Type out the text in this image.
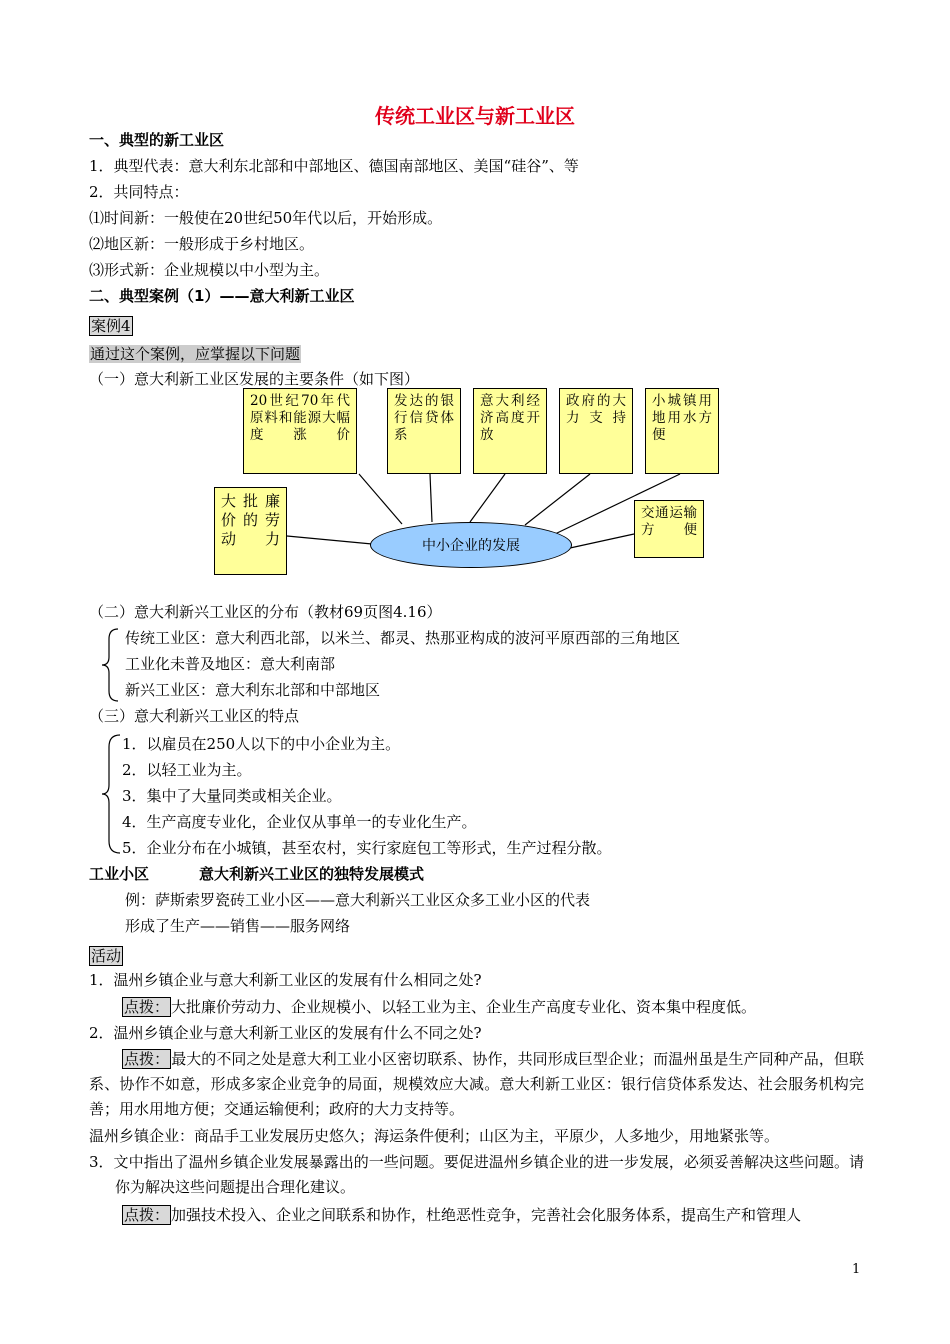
传统工业区与新工业区
一、典型的新工业区
1．典型代表：意大利东北部和中部地区、德国南部地区、美国“硅谷”、等
2．共同特点：
⑴时间新：一般使在20世纪50年代以后，开始形成。
⑵地区新：一般形成于乡村地区。
⑶形式新：企业规模以中小型为主。
二、典型案例（1）——意大利新工业区
案例4
通过这个案例，应掌握以下问题
（一）意大利新工业区发展的主要条件（如下图）
20世纪70年代原料和能源大幅度涨价
发达的银行信贷体系
意大利经济高度开放
政府的大力支持
小城镇用地用水方便
大批廉价的劳动力
交通运输方便
中小企业的发展
（二）意大利新兴工业区的分布（教材69页图4.16）
传统工业区：意大利西北部，以米兰、都灵、热那亚构成的波河平原西部的三角地区
工业化未普及地区：意大利南部
新兴工业区：意大利东北部和中部地区
（三）意大利新兴工业区的特点
1．以雇员在250人以下的中小企业为主。
2．以轻工业为主。
3．集中了大量同类或相关企业。
4．生产高度专业化，企业仅从事单一的专业化生产。
5．企业分布在小城镇，甚至农村，实行家庭包工等形式，生产过程分散。
工业小区	意大利新兴工业区的独特发展模式
例：萨斯索罗瓷砖工业小区——意大利新兴工业区众多工业小区的代表
形成了生产——销售——服务网络
活动
1．温州乡镇企业与意大利新工业区的发展有什么相同之处?
点拨： 大批廉价劳动力、企业规模小、以轻工业为主、企业生产高度专业化、资本集中程度低。
2．温州乡镇企业与意大利新工业区的发展有什么不同之处?
点拨： 最大的不同之处是意大利工业小区密切联系、协作，共同形成巨型企业；而温州虽是生产同种产品，但联系、协作不如意，形成多家企业竞争的局面，规模效应大减。意大利新工业区：银行信贷体系发达、社会服务机构完善；用水用地方便；交通运输便利；政府的大力支持等。
温州乡镇企业：商品手工业发展历史悠久；海运条件便利；山区为主，平原少，人多地少，用地紧张等。
3．文中指出了温州乡镇企业发展暴露出的一些问题。要促进温州乡镇企业的进一步发展，必须妥善解决这些问题。请你为解决这些问题提出合理化建议。
点拨： 加强技术投入、企业之间联系和协作，杜绝恶性竞争，完善社会化服务体系，提高生产和管理人
1
